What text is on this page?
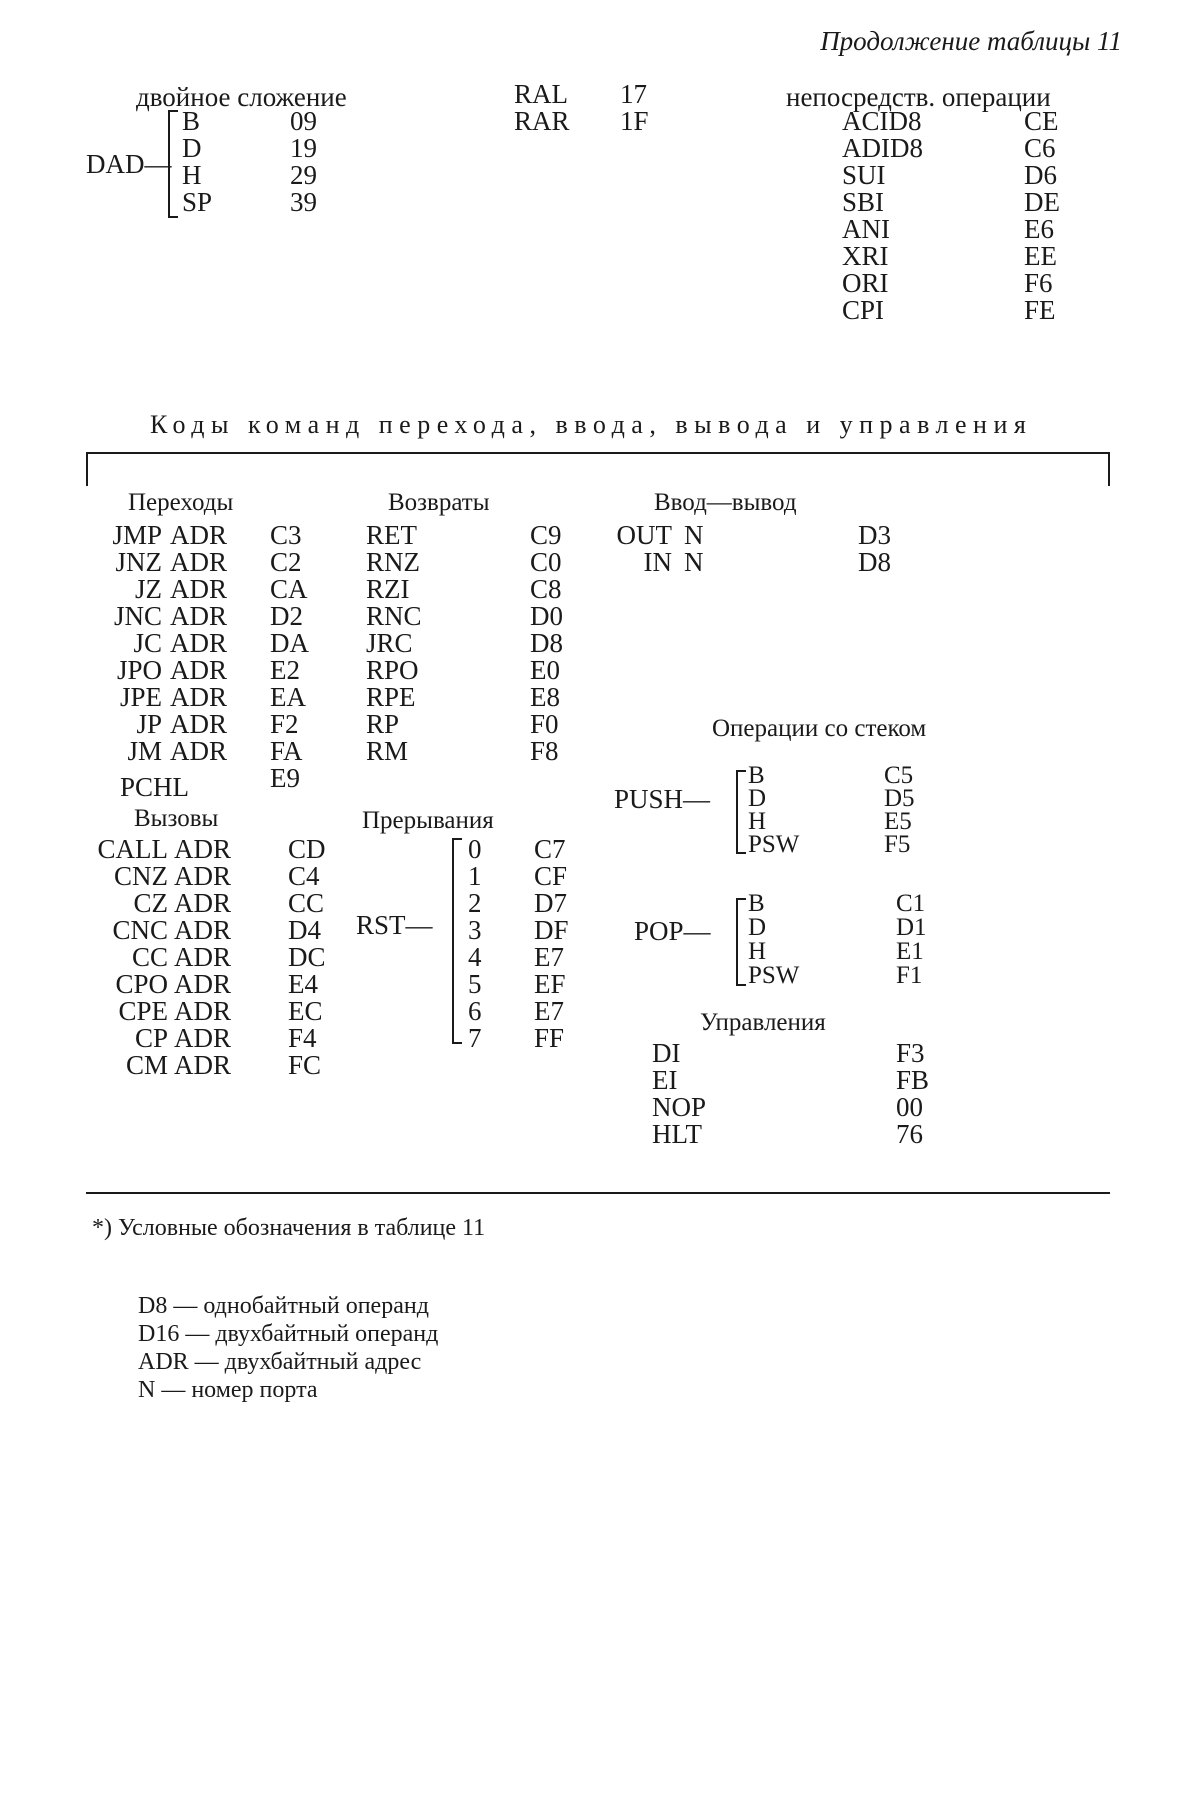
Продолжение таблицы 11
двойное сложение
DAD—
B
D
H
SP
09
19
29
39
RAL
RAR
17
1F
непосредств. операции
ACID8
ADID8
SUI
SBI
ANI
XRI
ORI
CPI
CE
C6
D6
DE
E6
EE
F6
FE
Коды команд перехода, ввода, вывода и управления
Переходы
JMP
JNZ
JZ
JNC
JC
JPO
JPE
JP
JM
PCHL
ADR
ADR
ADR
ADR
ADR
ADR
ADR
ADR
ADR
C3
C2
CA
D2
DA
E2
EA
F2
FA
E9
Вызовы
CALL
CNZ
CZ
CNC
CC
CPO
CPE
CP
CM
ADR
ADR
ADR
ADR
ADR
ADR
ADR
ADR
ADR
CD
C4
CC
D4
DC
E4
EC
F4
FC
Возвраты
RET
RNZ
RZI
RNC
JRC
RPO
RPE
RP
RM
C9
C0
C8
D0
D8
E0
E8
F0
F8
Прерывания
RST—
0
1
2
3
4
5
6
7
C7
CF
D7
DF
E7
EF
E7
FF
Ввод—вывод
OUT
IN
N
N
D3
D8
Операции со стеком
PUSH—
B
D
H
PSW
C5
D5
E5
F5
POP—
B
D
H
PSW
C1
D1
E1
F1
Управления
DI
EI
NOP
HLT
F3
FB
00
76
*) Условные обозначения в таблице 11
D8 — однобайтный операнд
D16 — двухбайтный операнд
ADR — двухбайтный адрес
N — номер порта
